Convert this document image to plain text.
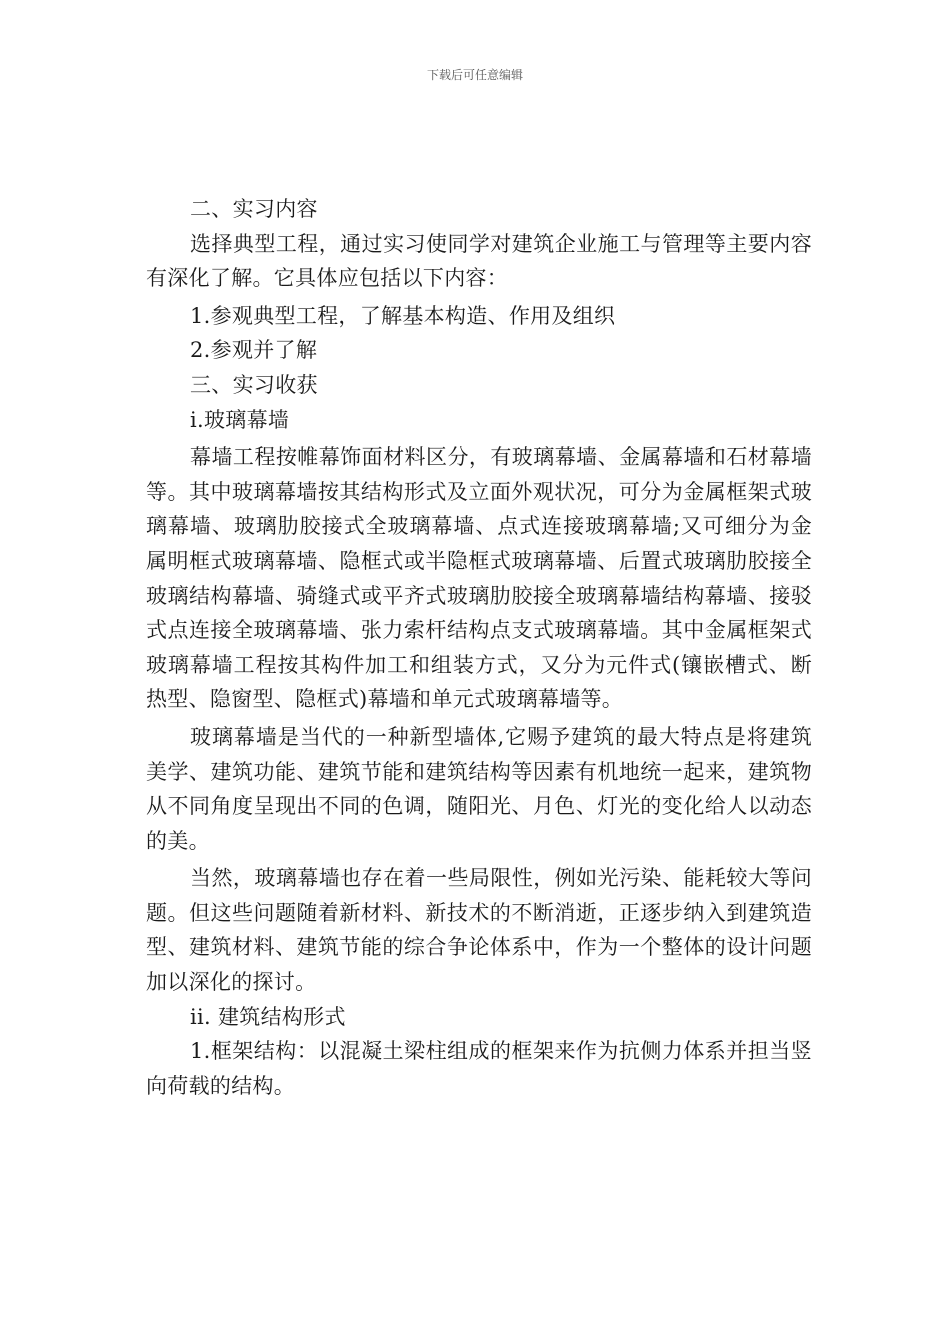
下载后可任意编辑

二、实习内容

选择典型工程，通过实习使同学对建筑企业施工与管理等主要内容有深化了解。它具体应包括以下内容：

1.参观典型工程，了解基本构造、作用及组织

2.参观并了解

三、实习收获

i.玻璃幕墙

幕墙工程按帷幕饰面材料区分，有玻璃幕墙、金属幕墙和石材幕墙等。其中玻璃幕墙按其结构形式及立面外观状况，可分为金属框架式玻璃幕墙、玻璃肋胶接式全玻璃幕墙、点式连接玻璃幕墙;又可细分为金属明框式玻璃幕墙、隐框式或半隐框式玻璃幕墙、后置式玻璃肋胶接全玻璃结构幕墙、骑缝式或平齐式玻璃肋胶接全玻璃幕墙结构幕墙、接驳式点连接全玻璃幕墙、张力索杆结构点支式玻璃幕墙。其中金属框架式玻璃幕墙工程按其构件加工和组装方式，又分为元件式(镶嵌槽式、断热型、隐窗型、隐框式)幕墙和单元式玻璃幕墙等。

玻璃幕墙是当代的一种新型墙体,它赐予建筑的最大特点是将建筑美学、建筑功能、建筑节能和建筑结构等因素有机地统一起来，建筑物从不同角度呈现出不同的色调，随阳光、月色、灯光的变化给人以动态的美。

当然，玻璃幕墙也存在着一些局限性，例如光污染、能耗较大等问题。但这些问题随着新材料、新技术的不断消逝，正逐步纳入到建筑造型、建筑材料、建筑节能的综合争论体系中，作为一个整体的设计问题加以深化的探讨。

ii. 建筑结构形式

1.框架结构：以混凝土梁柱组成的框架来作为抗侧力体系并担当竖向荷载的结构。
